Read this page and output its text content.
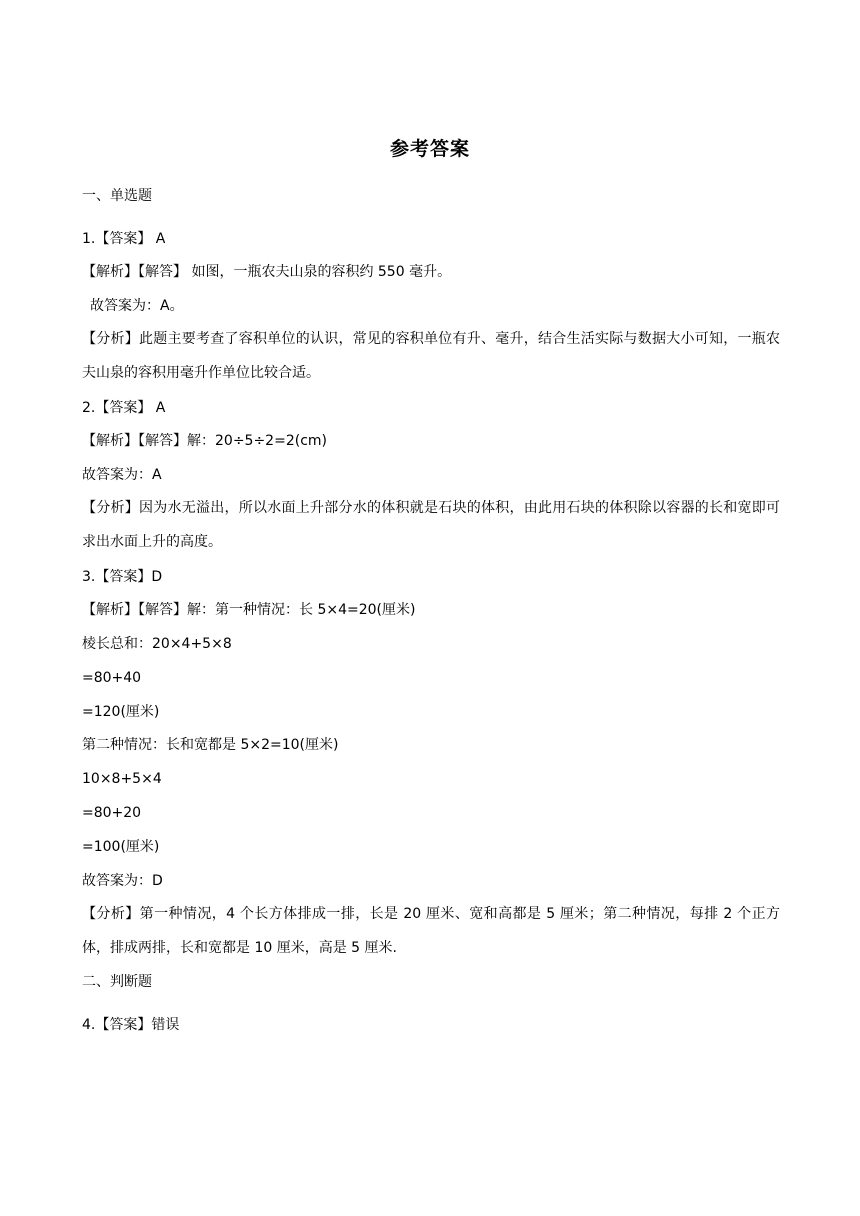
参考答案
一、单选题
1.【答案】 A
【解析】【解答】 如图，一瓶农夫山泉的容积约 550 毫升。
故答案为：A。
【分析】此题主要考查了容积单位的认识，常见的容积单位有升、毫升，结合生活实际与数据大小可知，一瓶农夫山泉的容积用毫升作单位比较合适。
2.【答案】 A
【解析】【解答】解：20÷5÷2=2(cm)
故答案为：A
【分析】因为水无溢出，所以水面上升部分水的体积就是石块的体积，由此用石块的体积除以容器的长和宽即可求出水面上升的高度。
3.【答案】D
【解析】【解答】解：第一种情况：长 5×4=20(厘米)
棱长总和：20×4+5×8
=80+40
=120(厘米)
第二种情况：长和宽都是 5×2=10(厘米)
10×8+5×4
=80+20
=100(厘米)
故答案为：D
【分析】第一种情况，4 个长方体排成一排，长是 20 厘米、宽和高都是 5 厘米；第二种情况，每排 2 个正方体，排成两排，长和宽都是 10 厘米，高是 5 厘米.
二、判断题
4.【答案】错误
